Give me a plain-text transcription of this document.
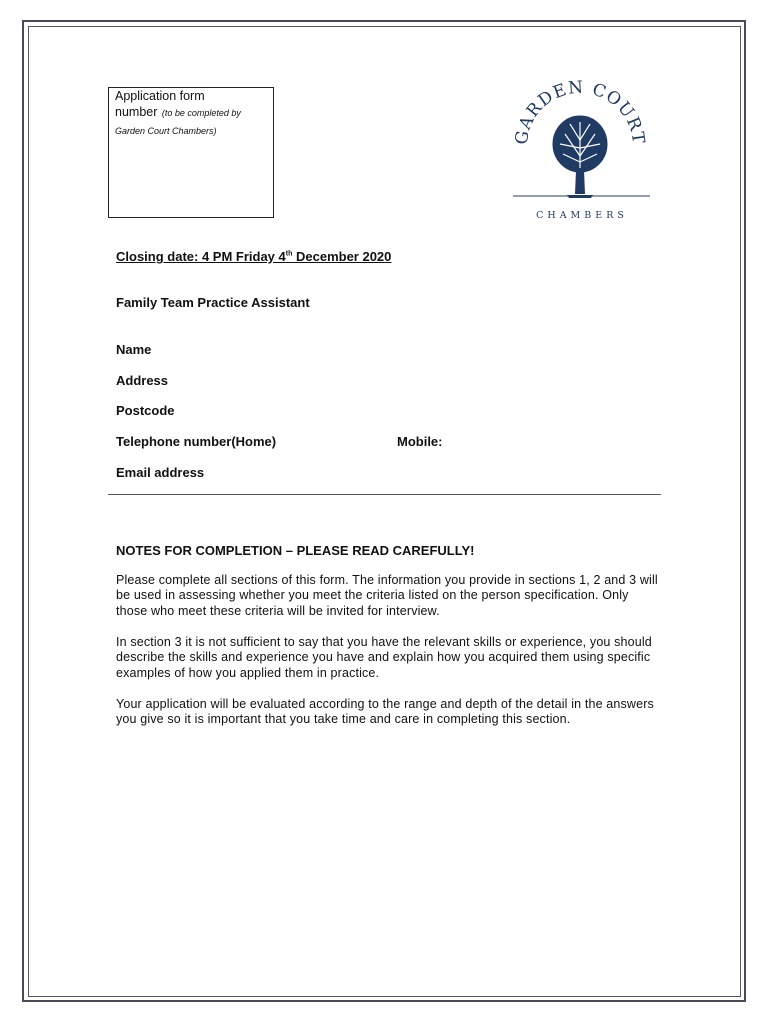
Application form
number (to be completed by Garden Court Chambers)	GARDEN COURT
CHAMBERS
Closing date: 4 PM Friday 4th December 2020
Family Team Practice Assistant
Name
Address
Postcode
Telephone number(Home)	Mobile:
Email address
NOTES FOR COMPLETION – PLEASE READ CAREFULLY!
Please complete all sections of this form. The information you provide in sections 1, 2 and 3 will be used in assessing whether you meet the criteria listed on the person specification. Only those who meet these criteria will be invited for interview.
In section 3 it is not sufficient to say that you have the relevant skills or experience, you should describe the skills and experience you have and explain how you acquired them using specific examples of how you applied them in practice.
Your application will be evaluated according to the range and depth of the detail in the answers you give so it is important that you take time and care in completing this section.
